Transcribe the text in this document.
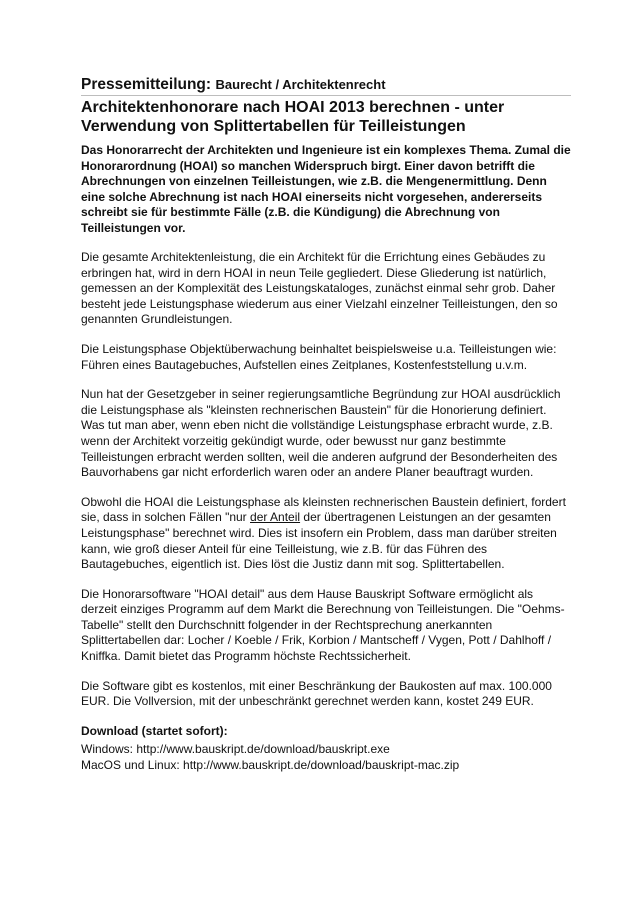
Pressemitteilung: Baurecht / Architektenrecht
Architektenhonorare nach HOAI 2013 berechnen - unter Verwendung von Splittertabellen für Teilleistungen
Das Honorarrecht der Architekten und Ingenieure ist ein komplexes Thema. Zumal die Honorarordnung (HOAI) so manchen Widerspruch birgt. Einer davon betrifft die Abrechnungen von einzelnen Teilleistungen, wie z.B. die Mengenermittlung. Denn eine solche Abrechnung ist nach HOAI einerseits nicht vorgesehen, andererseits schreibt sie für bestimmte Fälle (z.B. die Kündigung) die Abrechnung von Teilleistungen vor.
Die gesamte Architektenleistung, die ein Architekt für die Errichtung eines Gebäudes zu erbringen hat, wird in dern HOAI in neun Teile gegliedert. Diese Gliederung ist natürlich, gemessen an der Komplexität des Leistungskataloges, zunächst einmal sehr grob. Daher besteht jede Leistungsphase wiederum aus einer Vielzahl einzelner Teilleistungen, den so genannten Grundleistungen.
Die Leistungsphase Objektüberwachung beinhaltet beispielsweise u.a. Teilleistungen wie: Führen eines Bautagebuches, Aufstellen eines Zeitplanes, Kostenfeststellung u.v.m.
Nun hat der Gesetzgeber in seiner regierungsamtliche Begründung zur HOAI ausdrücklich die Leistungsphase als "kleinsten rechnerischen Baustein" für die Honorierung definiert. Was tut man aber, wenn eben nicht die vollständige Leistungsphase erbracht wurde, z.B. wenn der Architekt vorzeitig gekündigt wurde, oder bewusst nur ganz bestimmte Teilleistungen erbracht werden sollten, weil die anderen aufgrund der Besonderheiten des Bauvorhabens gar nicht erforderlich waren oder an andere Planer beauftragt wurden.
Obwohl die HOAI die Leistungsphase als kleinsten rechnerischen Baustein definiert, fordert sie, dass in solchen Fällen "nur der Anteil der übertragenen Leistungen an der gesamten Leistungsphase" berechnet wird. Dies ist insofern ein Problem, dass man darüber streiten kann, wie groß dieser Anteil für eine Teilleistung, wie z.B. für das Führen des Bautagebuches, eigentlich ist. Dies löst die Justiz dann mit sog. Splittertabellen.
Die Honorarsoftware "HOAI detail" aus dem Hause Bauskript Software ermöglicht als derzeit einziges Programm auf dem Markt die Berechnung von Teilleistungen. Die "Oehms-Tabelle" stellt den Durchschnitt folgender in der Rechtsprechung anerkannten Splittertabellen dar: Locher / Koeble / Frik, Korbion / Mantscheff / Vygen, Pott / Dahlhoff / Kniffka. Damit bietet das Programm höchste Rechtssicherheit.
Die Software gibt es kostenlos, mit einer Beschränkung der Baukosten auf max. 100.000 EUR. Die Vollversion, mit der unbeschränkt gerechnet werden kann, kostet 249 EUR.
Download (startet sofort):
Windows: http://www.bauskript.de/download/bauskript.exe
MacOS und Linux: http://www.bauskript.de/download/bauskript-mac.zip
